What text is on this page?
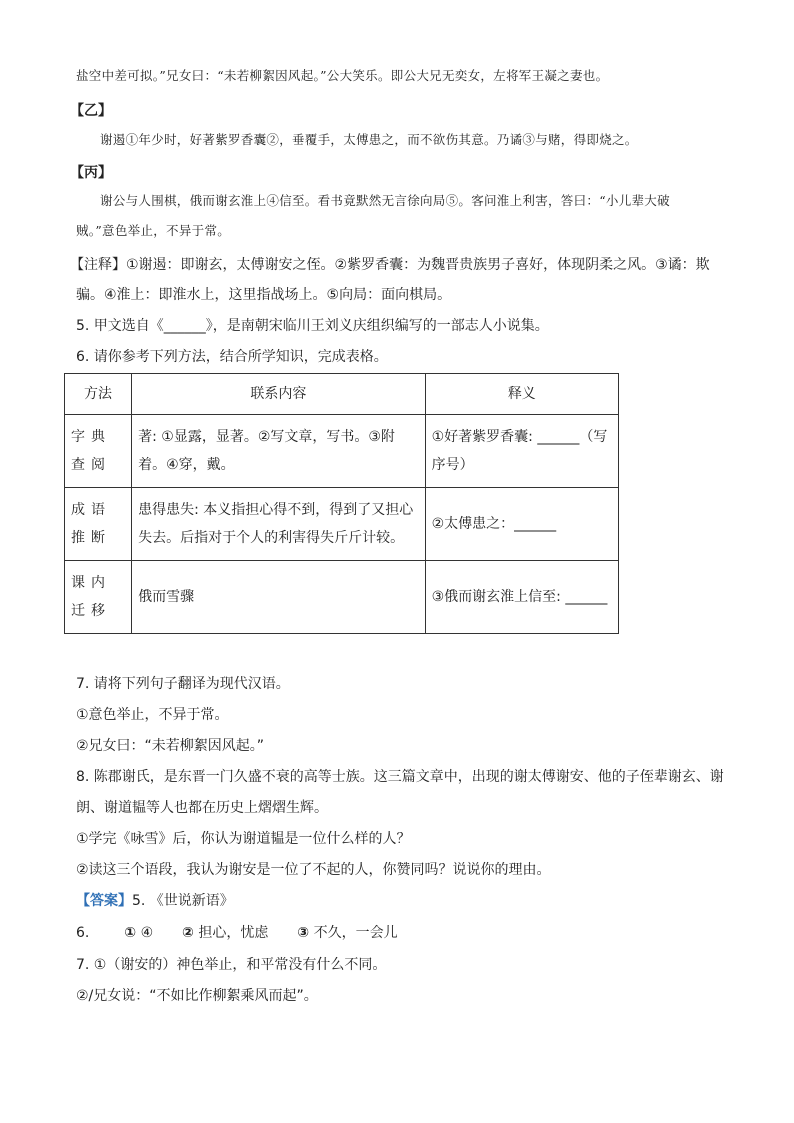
盐空中差可拟。”兄女曰：“未若柳絮因风起。”公大笑乐。即公大兄无奕女，左将军王凝之妻也。
【乙】
谢遏①年少时，好著紫罗香囊②，垂覆手，太傅患之，而不欲伤其意。乃谲③与赌，得即烧之。
【丙】
谢公与人围棋，俄而谢玄淮上④信至。看书竟默然无言徐向局⑤。客问淮上利害，答曰：“小儿辈大破
贼。”意色举止，不异于常。
【注释】①谢遏：即谢玄，太傅谢安之侄。②紫罗香囊：为魏晋贵族男子喜好，体现阴柔之风。③谲：欺
骗。④淮上：即淮水上，这里指战场上。⑤向局：面向棋局。
5. 甲文选自《______》，是南朝宋临川王刘义庆组织编写的一部志人小说集。
6. 请你参考下列方法，结合所学知识，完成表格。
方法	联系内容	释义
字典查阅	著: ①显露，显著。②写文章，写书。③附着。④穿，戴。	①好著紫罗香囊: ______（写序号）
成语推断	患得患失: 本义指担心得不到，得到了又担心失去。后指对于个人的利害得失斤斤计较。	②太傅患之：______
课内迁移	俄而雪骤	③俄而谢玄淮上信至: ______
7. 请将下列句子翻译为现代汉语。
①意色举止，不异于常。
②兄女曰：“未若柳絮因风起。”
8. 陈郡谢氏，是东晋一门久盛不衰的高等士族。这三篇文章中，出现的谢太傅谢安、他的子侄辈谢玄、谢
朗、谢道韫等人也都在历史上熠熠生辉。
①学完《咏雪》后，你认为谢道韫是一位什么样的人？
②读这三个语段，我认为谢安是一位了不起的人，你赞同吗？说说你的理由。
【答案】5. 《世说新语》
6. ① ④ ② 担心，忧虑 ③ 不久，一会儿
7. ①（谢安的）神色举止，和平常没有什么不同。
②/兄女说：“不如比作柳絮乘风而起”。
